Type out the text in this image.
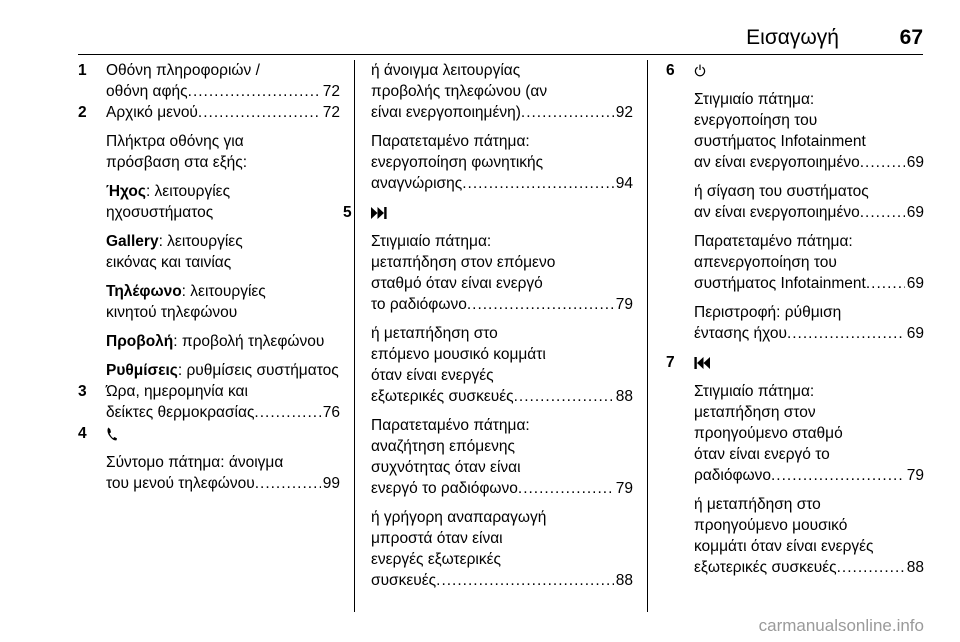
Εισαγωγή	67
1 Οθόνη πληροφοριών /
οθόνη αφής .....	72
2 Αρχικό μενού .....	72
Πλήκτρα οθόνης για
πρόσβαση στα εξής:
Ήχος: λειτουργίες
ηχοσυστήματος
Gallery: λειτουργίες
εικόνας και ταινίας
Τηλέφωνο: λειτουργίες
κινητού τηλεφώνου
Προβολή: προβολή τηλεφώνου
Ρυθμίσεις: ρυθμίσεις συστήματος
3 Ώρα, ημερομηνία και
δείκτες θερμοκρασίας .....	76
4
Σύντομο πάτημα: άνοιγμα
του μενού τηλεφώνου .....	99
ή άνοιγμα λειτουργίας
προβολής τηλεφώνου (αν
είναι ενεργοποιημένη) .....	92
Παρατεταμένο πάτημα:
ενεργοποίηση φωνητικής
αναγνώρισης .....	94
5
Στιγμιαίο πάτημα:
μεταπήδηση στον επόμενο
σταθμό όταν είναι ενεργό
το ραδιόφωνο .....	79
ή μεταπήδηση στο
επόμενο μουσικό κομμάτι
όταν είναι ενεργές
εξωτερικές συσκευές .....	88
Παρατεταμένο πάτημα:
αναζήτηση επόμενης
συχνότητας όταν είναι
ενεργό το ραδιόφωνο .....	79
ή γρήγορη αναπαραγωγή
μπροστά όταν είναι
ενεργές εξωτερικές
συσκευές .....	88
6
Στιγμιαίο πάτημα:
ενεργοποίηση του
συστήματος Infotainment
αν είναι ενεργοποιημένο .....	69
ή σίγαση του συστήματος
αν είναι ενεργοποιημένο .....	69
Παρατεταμένο πάτημα:
απενεργοποίηση του
συστήματος Infotainment .....	69
Περιστροφή: ρύθμιση
έντασης ήχου .....	69
7
Στιγμιαίο πάτημα:
μεταπήδηση στον
προηγούμενο σταθμό
όταν είναι ενεργό το
ραδιόφωνο .....	79
ή μεταπήδηση στο
προηγούμενο μουσικό
κομμάτι όταν είναι ενεργές
εξωτερικές συσκευές .....	88
carmanualsonline.info
